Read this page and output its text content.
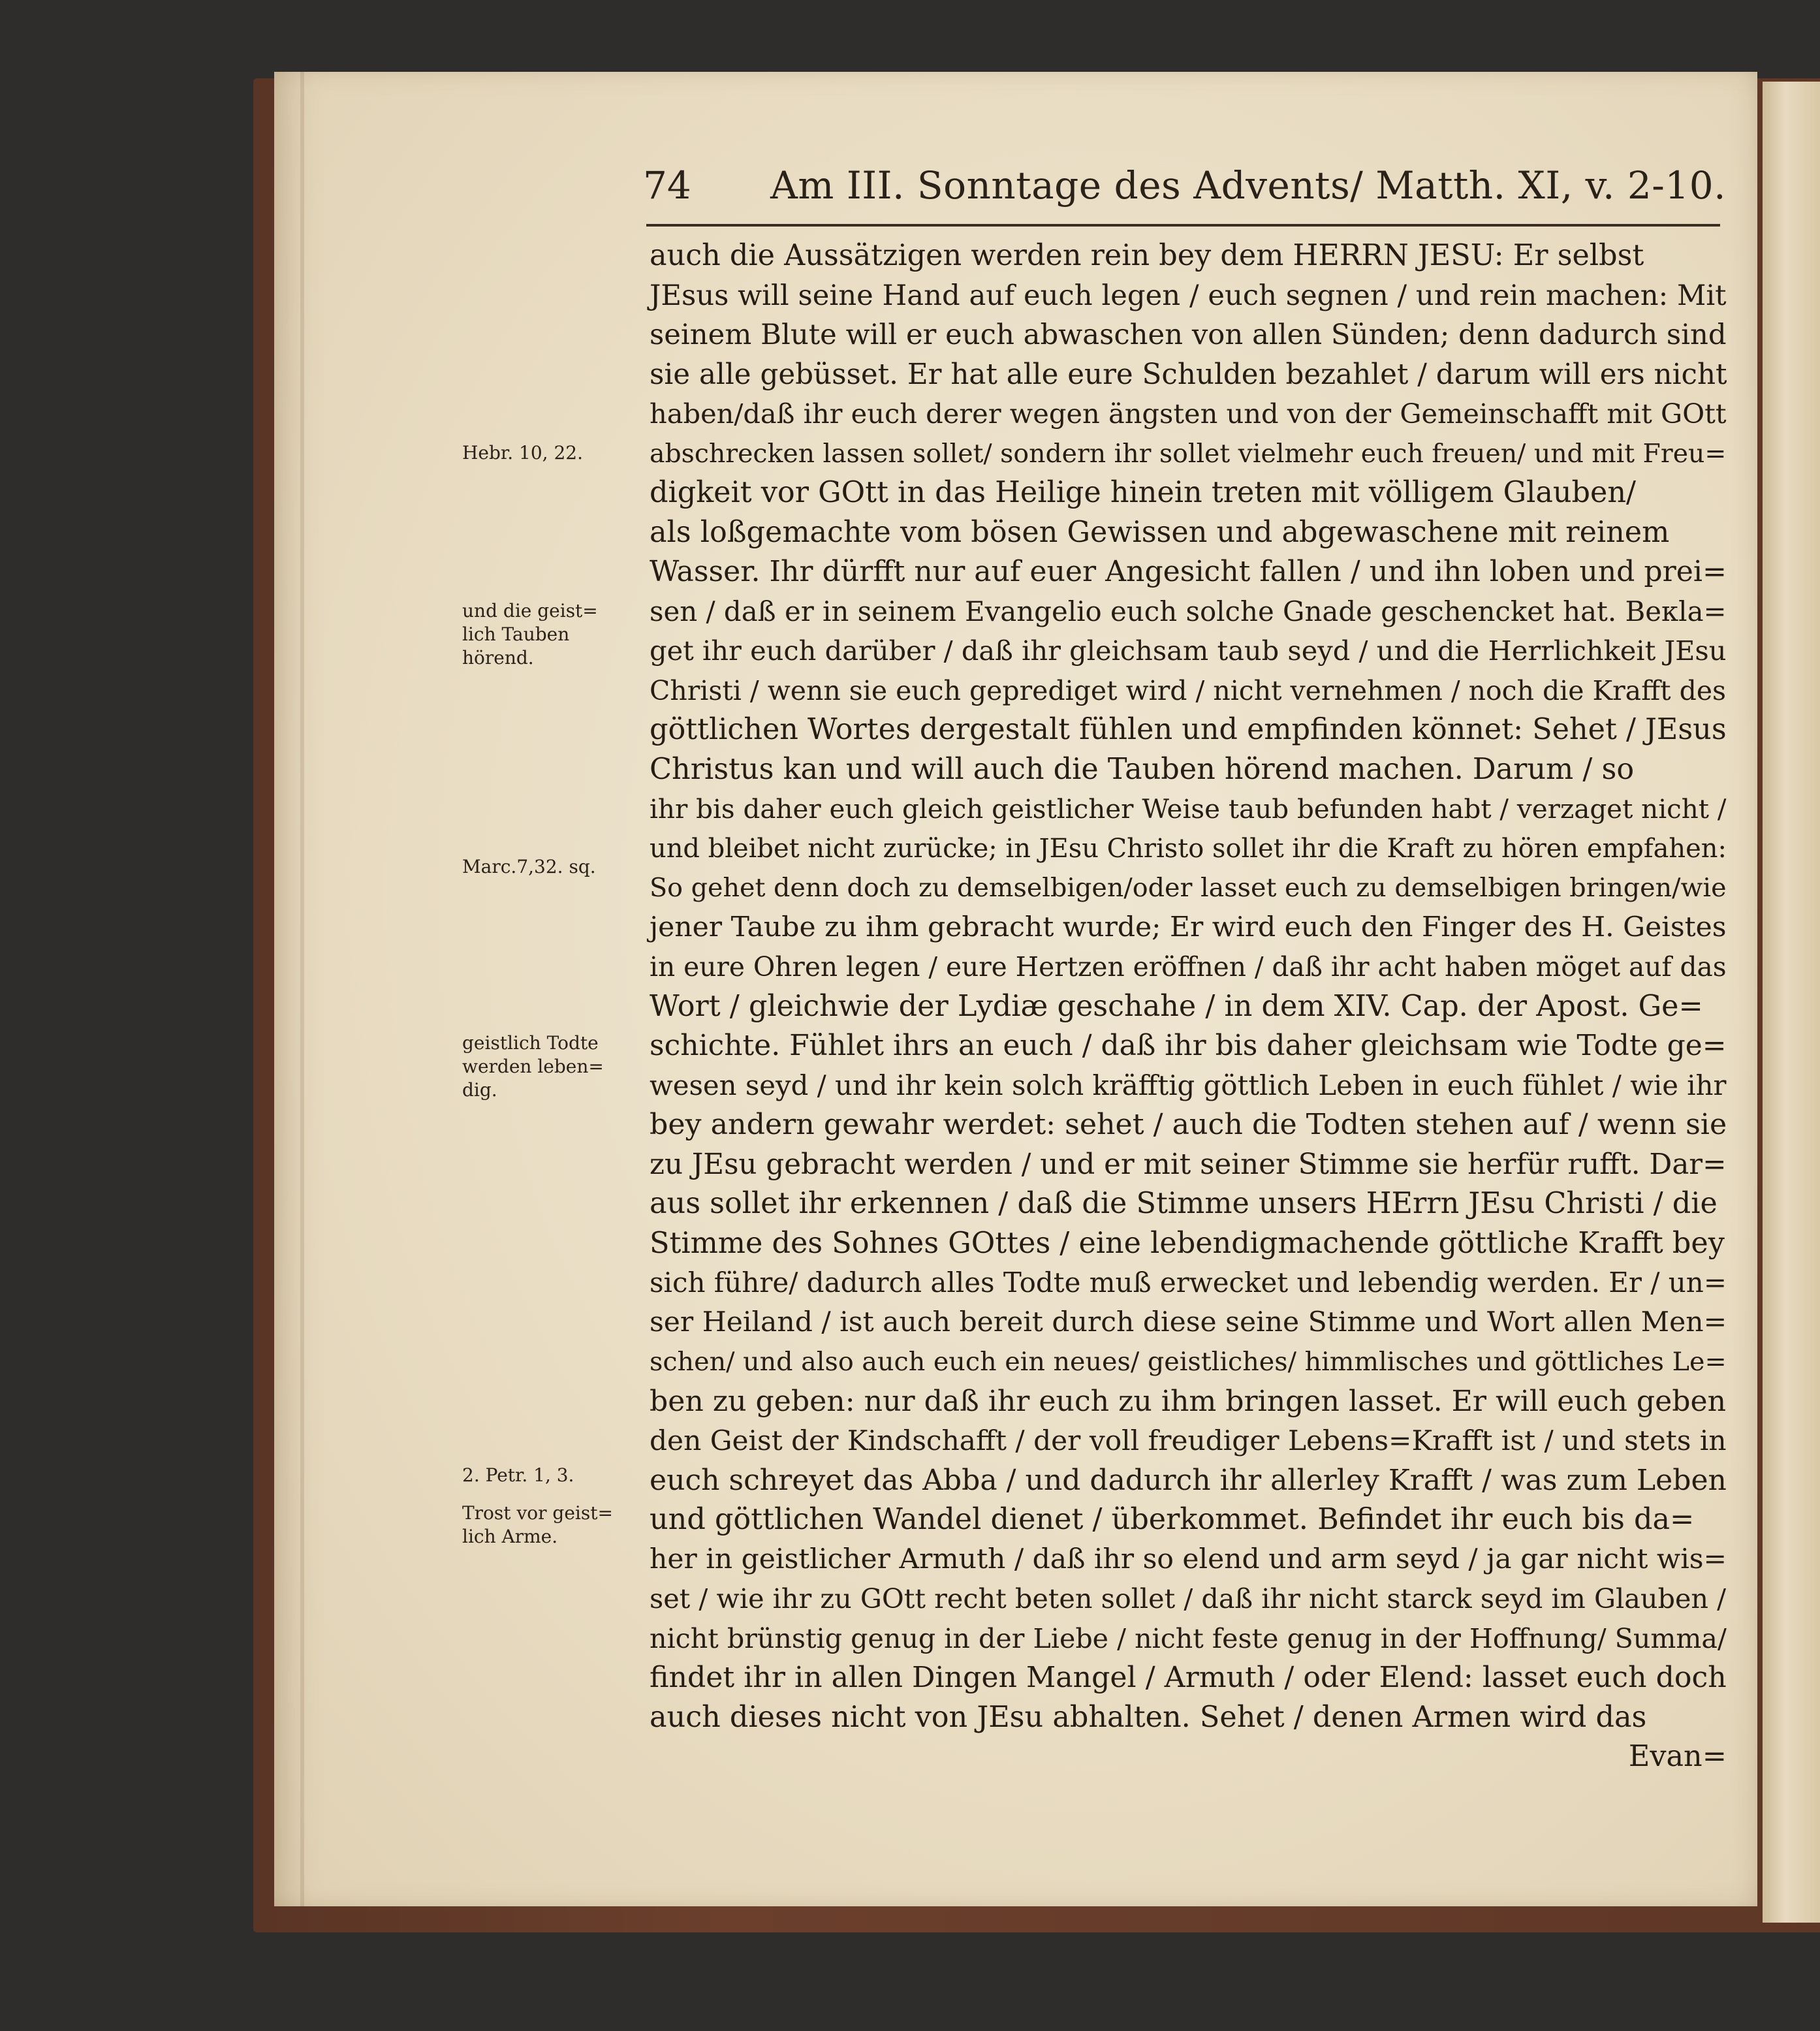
74 Am III. Sonntage des Advents/ Matth. XI, v. 2-10.
Hebr. 10, 22.
und die geist=
lich Tauben
hörend.
Marc.7,32. sq.
geistlich Todte
werden leben=
dig.
2. Petr. 1, 3.
Trost vor geist=
lich Arme.
auch die Aussätzigen werden rein bey dem HERRN JESU: Er selbst
JEsus will seine Hand auf euch legen / euch segnen / und rein machen: Mit
seinem Blute will er euch abwaschen von allen Sünden; denn dadurch sind
sie alle gebüsset. Er hat alle eure Schulden bezahlet / darum will ers nicht
haben/daß ihr euch derer wegen ängsten und von der Gemeinschafft mit GOtt
abschrecken lassen sollet/ sondern ihr sollet vielmehr euch freuen/ und mit Freu=
digkeit vor GOtt in das Heilige hinein treten mit völligem Glauben/
als loßgemachte vom bösen Gewissen und abgewaschene mit reinem
Wasser. Ihr dürfft nur auf euer Angesicht fallen / und ihn loben und prei=
sen / daß er in seinem Evangelio euch solche Gnade geschencket hat. Beкla=
get ihr euch darüber / daß ihr gleichsam taub seyd / und die Herrlichkeit JEsu
Christi / wenn sie euch geprediget wird / nicht vernehmen / noch die Krafft des
göttlichen Wortes dergestalt fühlen und empfinden könnet: Sehet / JEsus
Christus kan und will auch die Tauben hörend machen. Darum / so
ihr bis daher euch gleich geistlicher Weise taub befunden habt / verzaget nicht /
und bleibet nicht zurücke; in JEsu Christo sollet ihr die Kraft zu hören empfahen:
So gehet denn doch zu demselbigen/oder lasset euch zu demselbigen bringen/wie
jener Taube zu ihm gebracht wurde; Er wird euch den Finger des H. Geistes
in eure Ohren legen / eure Hertzen eröffnen / daß ihr acht haben möget auf das
Wort / gleichwie der Lydiæ geschahe / in dem XIV. Cap. der Apost. Ge=
schichte. Fühlet ihrs an euch / daß ihr bis daher gleichsam wie Todte ge=
wesen seyd / und ihr kein solch kräfftig göttlich Leben in euch fühlet / wie ihr
bey andern gewahr werdet: sehet / auch die Todten stehen auf / wenn sie
zu JEsu gebracht werden / und er mit seiner Stimme sie herfür rufft. Dar=
aus sollet ihr erkennen / daß die Stimme unsers HErrn JEsu Christi / die
Stimme des Sohnes GOttes / eine lebendigmachende göttliche Krafft bey
sich führe/ dadurch alles Todte muß erwecket und lebendig werden. Er / un=
ser Heiland / ist auch bereit durch diese seine Stimme und Wort allen Men=
schen/ und also auch euch ein neues/ geistliches/ himmlisches und göttliches Le=
ben zu geben: nur daß ihr euch zu ihm bringen lasset. Er will euch geben
den Geist der Kindschafft / der voll freudiger Lebens=Krafft ist / und stets in
euch schreyet das Abba / und dadurch ihr allerley Krafft / was zum Leben
und göttlichen Wandel dienet / überkommet. Befindet ihr euch bis da=
her in geistlicher Armuth / daß ihr so elend und arm seyd / ja gar nicht wis=
set / wie ihr zu GOtt recht beten sollet / daß ihr nicht starck seyd im Glauben /
nicht brünstig genug in der Liebe / nicht feste genug in der Hoffnung/ Summa/
findet ihr in allen Dingen Mangel / Armuth / oder Elend: lasset euch doch
auch dieses nicht von JEsu abhalten. Sehet / denen Armen wird das
Evan=
